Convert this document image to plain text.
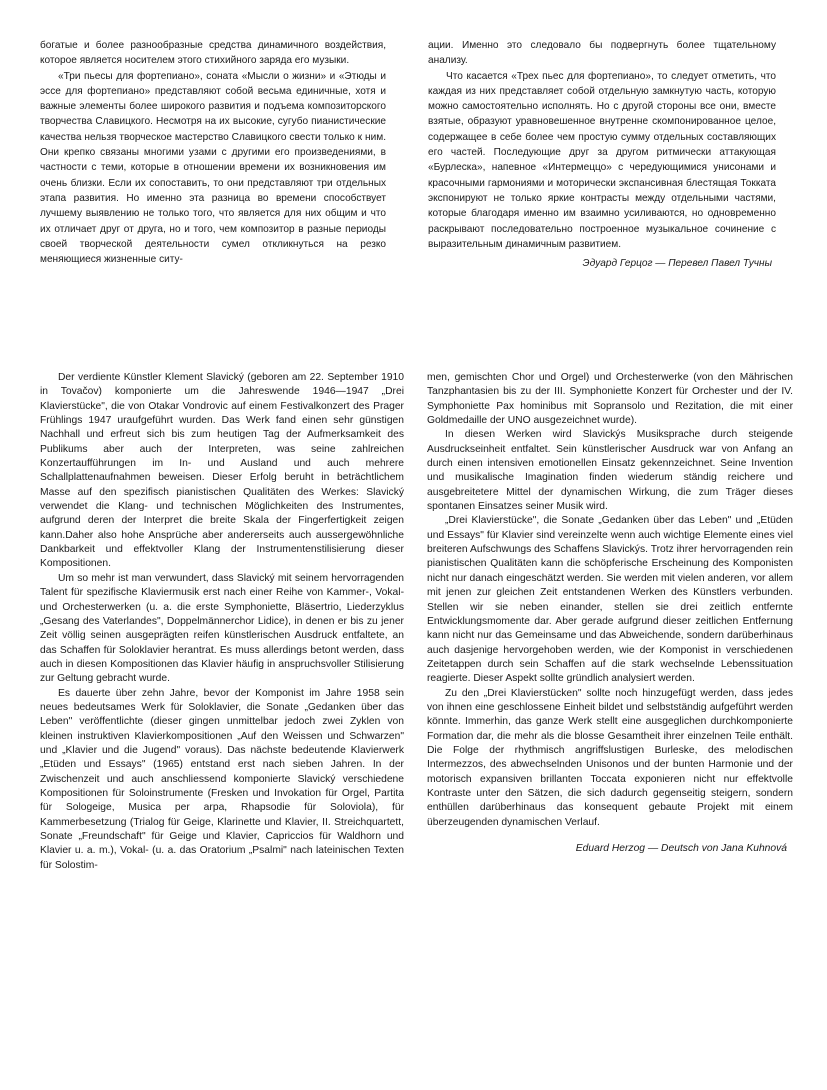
богатые и более разнообразные средства динамичного воздействия, которое является носителем этого стихийного заряда его музыки.

«Три пьесы для фортепиано», соната «Мысли о жизни» и «Этюды и эссе для фортепиано» представляют собой весьма единичные, хотя и важные элементы более широкого развития и подъема композиторского творчества Славицкого. Несмотря на их высокие, сугубо пианистические качества нельзя творческое мастерство Славицкого свести только к ним. Они крепко связаны многими узами с другими его произведениями, в частности с теми, которые в отношении времени их возникновения им очень близки. Если их сопоставить, то они представляют три отдельных этапа развития. Но именно эта разница во времени способствует лучшему выявлению не только того, что является для них общим и что их отличает друг от друга, но и того, чем композитор в разные периоды своей творческой деятельности сумел откликнуться на резко меняющиеся жизненные ситу-

ации. Именно это следовало бы подвергнуть более тщательному анализу.

Что касается «Трех пьес для фортепиано», то следует отметить, что каждая из них представляет собой отдельную замкнутую часть, которую можно самостоятельно исполнять. Но с другой стороны все они, вместе взятые, образуют уравновешенное внутренне скомпонированное целое, содержащее в себе более чем простую сумму отдельных составляющих его частей. Последующие друг за другом ритмически аттакующая «Бурлеска», напевное «Интермеццо» с чередующимися унисонами и красочными гармониями и моторически экспансивная блестящая Токката экспонируют не только яркие контрасты между отдельными частями, которые благодаря именно им взаимно усиливаются, но одновременно раскрывают последовательно построенное музыкальное сочинение с выразительным динамичным развитием.

Эдуард Герцог — Перевел Павел Тучны

Der verdiente Künstler Klement Slavický (geboren am 22. September 1910 in Tovačov) komponierte um die Jahreswende 1946—1947 „Drei Klavierstücke", die von Otakar Vondrovic auf einem Festivalkonzert des Prager Frühlings 1947 uraufgeführt wurden. Das Werk fand einen sehr günstigen Nachhall und erfreut sich bis zum heutigen Tag der Aufmerksamkeit des Publikums aber auch der Interpreten, was seine zahlreichen Konzertaufführungen im In- und Ausland und auch mehrere Schallplattenaufnahmen beweisen. Dieser Erfolg beruht in beträchtlichem Masse auf den spezifisch pianistischen Qualitäten des Werkes: Slavický verwendet die Klang- und technischen Möglichkeiten des Instrumentes, aufgrund deren der Interpret die breite Skala der Fingerfertigkeit zeigen kann.Daher also hohe Ansprüche aber andererseits auch aussergewöhnliche Dankbarkeit und effektvoller Klang der Instrumentenstilisierung dieser Kompositionen.

Um so mehr ist man verwundert, dass Slavický mit seinem hervorragenden Talent für spezifische Klaviermusik erst nach einer Reihe von Kammer-, Vokal- und Orchesterwerken (u. a. die erste Symphoniette, Bläsertrio, Liederzyklus „Gesang des Vaterlandes", Doppelmännerchor Lidice), in denen er bis zu jener Zeit völlig seinen ausgeprägten reifen künstlerischen Ausdruck entfaltete, an das Schaffen für Soloklavier herantrat. Es muss allerdings betont werden, dass auch in diesen Kompositionen das Klavier häufig in anspruchsvoller Stilisierung zur Geltung gebracht wurde.

Es dauerte über zehn Jahre, bevor der Komponist im Jahre 1958 sein neues bedeutsames Werk für Soloklavier, die Sonate „Gedanken über das Leben" veröffentlichte (dieser gingen unmittelbar jedoch zwei Zyklen von kleinen instruktiven Klavierkompositionen „Auf den Weissen und Schwarzen" und „Klavier und die Jugend" voraus). Das nächste bedeutende Klavierwerk „Etüden und Essays" (1965) entstand erst nach sieben Jahren. In der Zwischenzeit und auch anschliessend komponierte Slavický verschiedene Kompositionen für Soloinstrumente (Fresken und Invokation für Orgel, Partita für Sologeige, Musica per arpa, Rhapsodie für Soloviola), für Kammerbesetzung (Trialog für Geige, Klarinette und Klavier, II. Streichquartett, Sonate „Freundschaft" für Geige und Klavier, Capriccios für Waldhorn und Klavier u. a. m.), Vokal- (u. a. das Oratorium „Psalmi" nach lateinischen Texten für Solostim-

men, gemischten Chor und Orgel) und Orchesterwerke (von den Mährischen Tanzphantasien bis zu der III. Symphoniette Konzert für Orchester und der IV. Symphoniette Pax hominibus mit Sopransolo und Rezitation, die mit einer Goldmedaille der UNO ausgezeichnet wurde).

In diesen Werken wird Slavickýs Musiksprache durch steigende Ausdruckseinheit entfaltet. Sein künstlerischer Ausdruck war von Anfang an durch einen intensiven emotionellen Einsatz gekennzeichnet. Seine Invention und musikalische Imagination finden wiederum ständig reichere und ausgebreitetere Mittel der dynamischen Wirkung, die zum Träger dieses spontanen Einsatzes seiner Musik wird.

„Drei Klavierstücke", die Sonate „Gedanken über das Leben" und „Etüden und Essays" für Klavier sind vereinzelte wenn auch wichtige Elemente eines viel breiteren Aufschwungs des Schaffens Slavickýs. Trotz ihrer hervorragenden rein pianistischen Qualitäten kann die schöpferische Erscheinung des Komponisten nicht nur danach eingeschätzt werden. Sie werden mit vielen anderen, vor allem mit jenen zur gleichen Zeit entstandenen Werken des Künstlers verbunden. Stellen wir sie neben einander, stellen sie drei zeitlich entfernte Entwicklungsmomente dar. Aber gerade aufgrund dieser zeitlichen Entfernung kann nicht nur das Gemeinsame und das Abweichende, sondern darüberhinaus auch dasjenige hervorgehoben werden, wie der Komponist in verschiedenen Zeitetappen durch sein Schaffen auf die stark wechselnde Lebenssituation reagierte. Dieser Aspekt sollte gründlich analysiert werden.

Zu den „Drei Klavierstücken" sollte noch hinzugefügt werden, dass jedes von ihnen eine geschlossene Einheit bildet und selbstständig aufgeführt werden könnte. Immerhin, das ganze Werk stellt eine ausgeglichen durchkomponierte Formation dar, die mehr als die blosse Gesamtheit ihrer einzelnen Teile enthält. Die Folge der rhythmisch angriffslustigen Burleske, des melodischen Intermezzos, des abwechselnden Unisonos und der bunten Harmonie und der motorisch expansiven brillanten Toccata exponieren nicht nur effektvolle Kontraste unter den Sätzen, die sich dadurch gegenseitig steigern, sondern enthüllen darüberhinaus das konsequent gebaute Projekt mit einem überzeugenden dynamischen Verlauf.

Eduard Herzog — Deutsch von Jana Kuhnová
